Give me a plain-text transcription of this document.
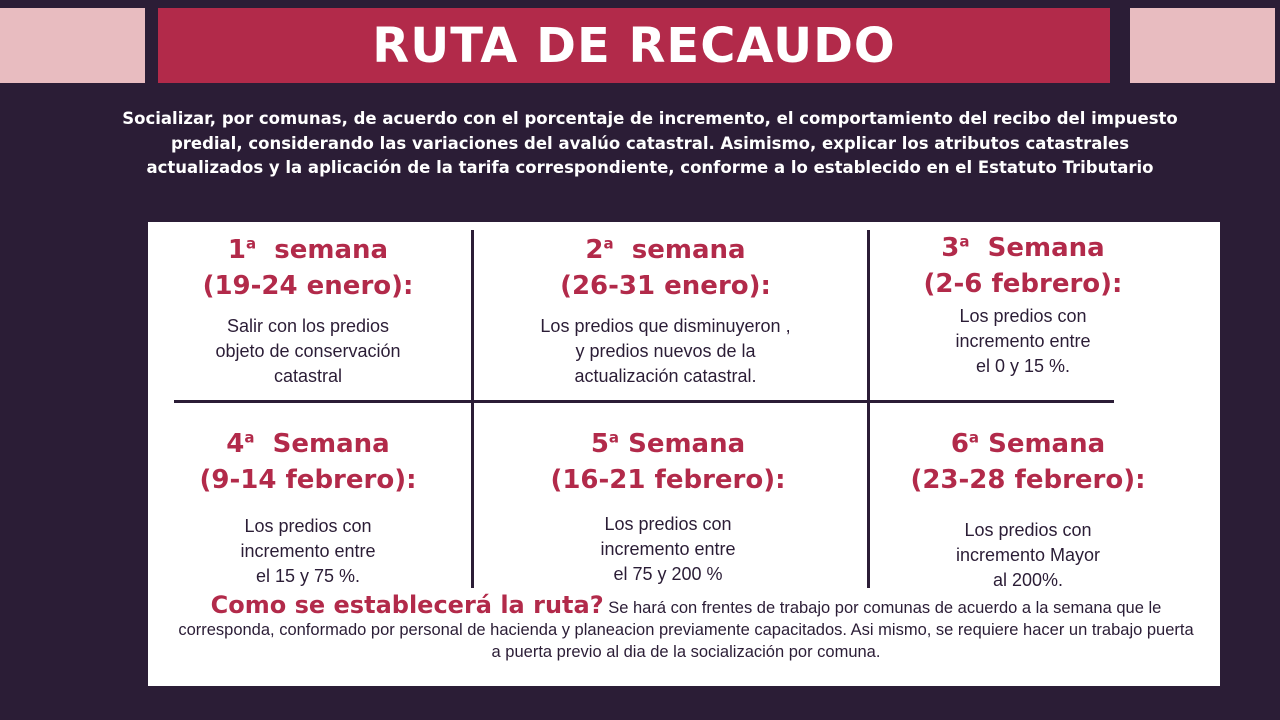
RUTA DE RECAUDO
Socializar, por comunas, de acuerdo con el porcentaje de incremento, el comportamiento del recibo del impuesto predial, considerando las variaciones del avalúo catastral. Asimismo, explicar los atributos catastrales actualizados y la aplicación de la tarifa correspondiente, conforme a lo establecido en el Estatuto Tributario
1$^a$ semana
(19-24 enero):
Salir con los predios
objeto de conservación
catastral
2$^a$ semana
(26-31 enero):
Los predios que disminuyeron ,
y predios nuevos de la
actualización catastral.
3$^a$ Semana
(2-6 febrero):
Los predios con
incremento entre
el 0 y 15 %.
4$^a$ Semana
(9-14 febrero):
Los predios con
incremento entre
el 15 y 75 %.
5$^a$ Semana
(16-21 febrero):
Los predios con
incremento entre
el 75 y 200 %
6$^a$ Semana
(23-28 febrero):
Los predios con
incremento Mayor
al 200%.
Como se establecerá la ruta? Se hará con frentes de trabajo por comunas de acuerdo a la semana que le corresponda, conformado por personal de hacienda y planeacion previamente capacitados. Asi mismo, se requiere hacer un trabajo puerta a puerta previo al dia de la socialización por comuna.
